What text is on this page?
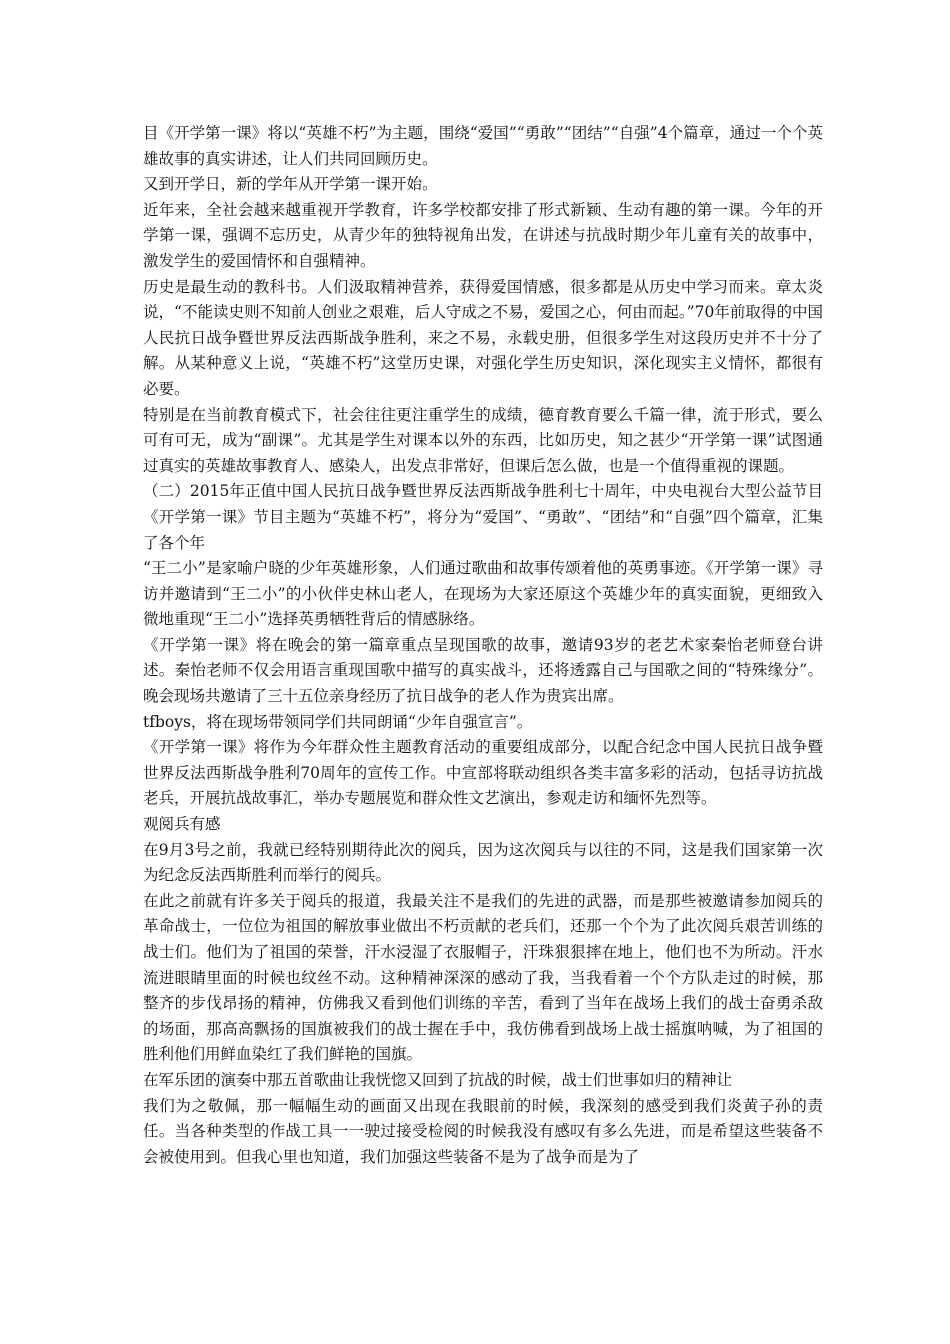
目《开学第一课》将以“英雄不朽”为主题，围绕“爱国”“勇敢”“团结”“自强”4个篇章，通过一个个英雄故事的真实讲述，让人们共同回顾历史。

又到开学日，新的学年从开学第一课开始。

近年来，全社会越来越重视开学教育，许多学校都安排了形式新颖、生动有趣的第一课。今年的开学第一课，强调不忘历史，从青少年的独特视角出发，在讲述与抗战时期少年儿童有关的故事中，激发学生的爱国情怀和自强精神。

历史是最生动的教科书。人们汲取精神营养，获得爱国情感，很多都是从历史中学习而来。章太炎说，“不能读史则不知前人创业之艰难，后人守成之不易，爱国之心，何由而起。”70年前取得的中国人民抗日战争暨世界反法西斯战争胜利，来之不易，永载史册，但很多学生对这段历史并不十分了解。从某种意义上说，“英雄不朽”这堂历史课，对强化学生历史知识，深化现实主义情怀，都很有必要。

特别是在当前教育模式下，社会往往更注重学生的成绩，德育教育要么千篇一律，流于形式，要么可有可无，成为“副课”。尤其是学生对课本以外的东西，比如历史，知之甚少“开学第一课”试图通过真实的英雄故事教育人、感染人，出发点非常好，但课后怎么做，也是一个值得重视的课题。

（二）2015年正值中国人民抗日战争暨世界反法西斯战争胜利七十周年，中央电视台大型公益节目《开学第一课》节目主题为“英雄不朽”，将分为“爱国”、“勇敢”、“团结”和“自强”四个篇章，汇集了各个年

“王二小”是家喻户晓的少年英雄形象，人们通过歌曲和故事传颂着他的英勇事迹。《开学第一课》寻访并邀请到“王二小”的小伙伴史林山老人，在现场为大家还原这个英雄少年的真实面貌，更细致入微地重现“王二小”选择英勇牺牲背后的情感脉络。

《开学第一课》将在晚会的第一篇章重点呈现国歌的故事，邀请93岁的老艺术家秦怡老师登台讲述。秦怡老师不仅会用语言重现国歌中描写的真实战斗，还将透露自己与国歌之间的“特殊缘分”。晚会现场共邀请了三十五位亲身经历了抗日战争的老人作为贵宾出席。

tfboys，将在现场带领同学们共同朗诵“少年自强宣言”。

《开学第一课》将作为今年群众性主题教育活动的重要组成部分，以配合纪念中国人民抗日战争暨世界反法西斯战争胜利70周年的宣传工作。中宣部将联动组织各类丰富多彩的活动，包括寻访抗战老兵，开展抗战故事汇，举办专题展览和群众性文艺演出，参观走访和缅怀先烈等。

观阅兵有感

在9月3号之前，我就已经特别期待此次的阅兵，因为这次阅兵与以往的不同，这是我们国家第一次为纪念反法西斯胜利而举行的阅兵。

在此之前就有许多关于阅兵的报道，我最关注不是我们的先进的武器，而是那些被邀请参加阅兵的革命战士，一位位为祖国的解放事业做出不朽贡献的老兵们，还那一个个为了此次阅兵艰苦训练的战士们。他们为了祖国的荣誉，汗水浸湿了衣服帽子，汗珠狠狠摔在地上，他们也不为所动。汗水流进眼睛里面的时候也纹丝不动。这种精神深深的感动了我，当我看着一个个方队走过的时候，那整齐的步伐昂扬的精神，仿佛我又看到他们训练的辛苦，看到了当年在战场上我们的战士奋勇杀敌的场面，那高高飘扬的国旗被我们的战士握在手中，我仿佛看到战场上战士摇旗呐喊，为了祖国的胜利他们用鲜血染红了我们鲜艳的国旗。

在军乐团的演奏中那五首歌曲让我恍惚又回到了抗战的时候，战士们世事如归的精神让

我们为之敬佩，那一幅幅生动的画面又出现在我眼前的时候，我深刻的感受到我们炎黄子孙的责任。当各种类型的作战工具一一驶过接受检阅的时候我没有感叹有多么先进，而是希望这些装备不会被使用到。但我心里也知道，我们加强这些装备不是为了战争而是为了
